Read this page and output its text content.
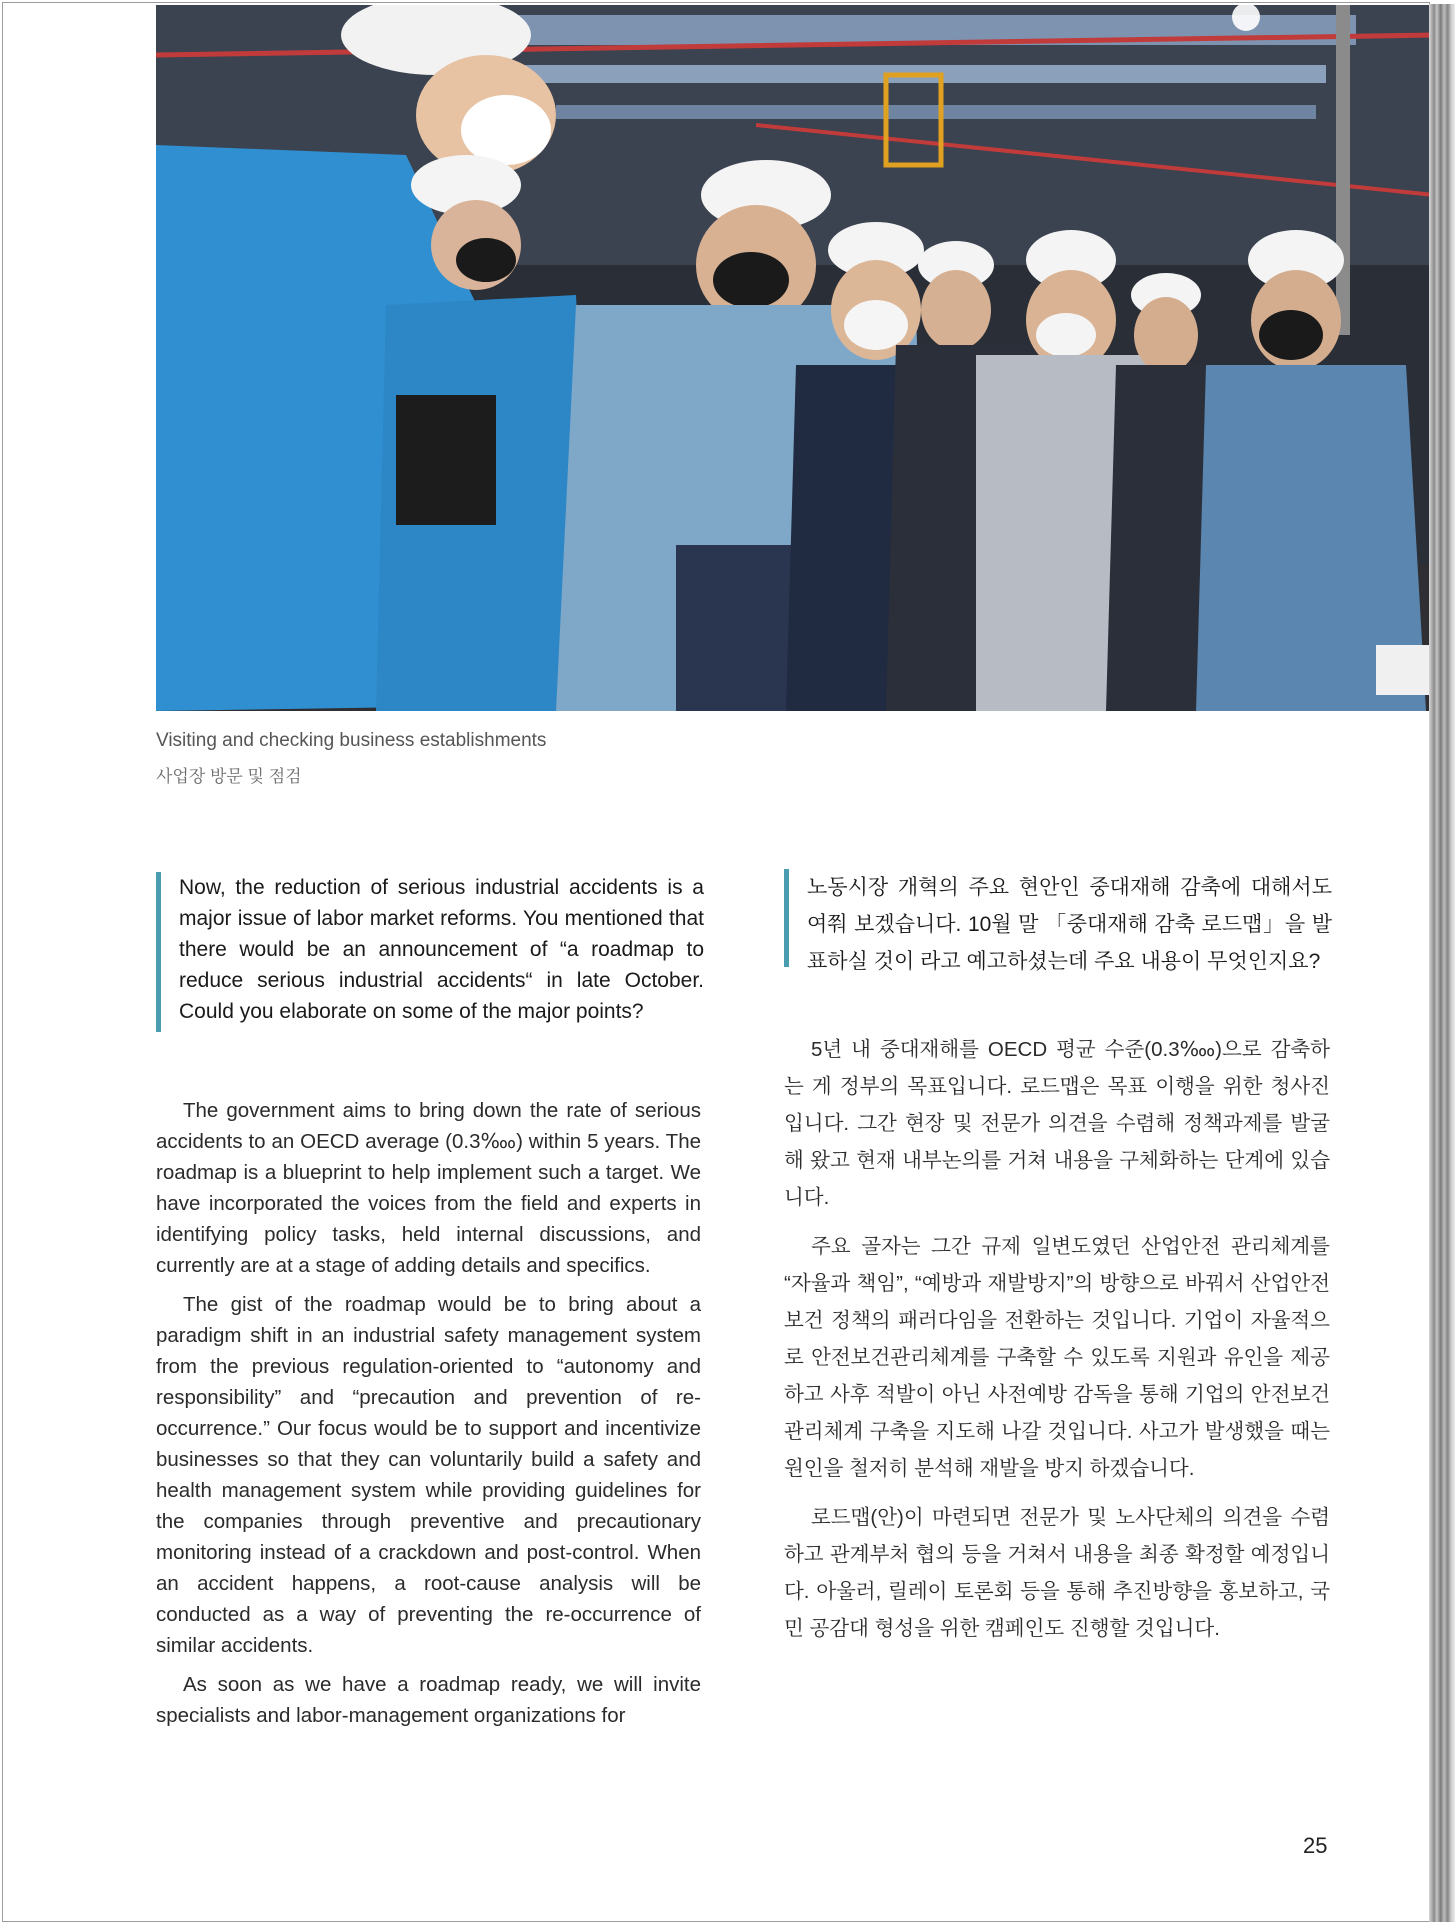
Visiting and checking business establishments
사업장 방문 및 점검

Now, the reduction of serious industrial accidents is a major issue of labor market reforms. You mentioned that there would be an announcement of “a roadmap to reduce serious industrial accidents“ in late October. Could you elaborate on some of the major points?

노동시장 개혁의 주요 현안인 중대재해 감축에 대해서도 여쭤 보겠습니다. 10월 말 「중대재해 감축 로드맵」을 발표하실 것이 라고 예고하셨는데 주요 내용이 무엇인지요?

The government aims to bring down the rate of serious accidents to an OECD average (0.3‱) within 5 years. The roadmap is a blueprint to help implement such a target. We have incorporated the voices from the field and experts in identifying policy tasks, held internal discussions, and currently are at a stage of adding details and specifics.

The gist of the roadmap would be to bring about a paradigm shift in an industrial safety management system from the previous regulation-oriented to “autonomy and responsibility” and “precaution and prevention of re-occurrence.” Our focus would be to support and incentivize businesses so that they can voluntarily build a safety and health management system while providing guidelines for the companies through preventive and precautionary monitoring instead of a crackdown and post-control. When an accident happens, a root-cause analysis will be conducted as a way of preventing the re-occurrence of similar accidents.

As soon as we have a roadmap ready, we will invite specialists and labor-management organizations for

5년 내 중대재해를 OECD 평균 수준(0.3‱)으로 감축하는 게 정부의 목표입니다. 로드맵은 목표 이행을 위한 청사진입니다. 그간 현장 및 전문가 의견을 수렴해 정책과제를 발굴해 왔고 현재 내부논의를 거쳐 내용을 구체화하는 단계에 있습니다.

주요 골자는 그간 규제 일변도였던 산업안전 관리체계를 “자율과 책임”, “예방과 재발방지”의 방향으로 바꿔서 산업안전보건 정책의 패러다임을 전환하는 것입니다. 기업이 자율적으로 안전보건관리체계를 구축할 수 있도록 지원과 유인을 제공하고 사후 적발이 아닌 사전예방 감독을 통해 기업의 안전보건관리체계 구축을 지도해 나갈 것입니다. 사고가 발생했을 때는 원인을 철저히 분석해 재발을 방지 하겠습니다.

로드맵(안)이 마련되면 전문가 및 노사단체의 의견을 수렴하고 관계부처 협의 등을 거쳐서 내용을 최종 확정할 예정입니다. 아울러, 릴레이 토론회 등을 통해 추진방향을 홍보하고, 국민 공감대 형성을 위한 캠페인도 진행할 것입니다.

25
